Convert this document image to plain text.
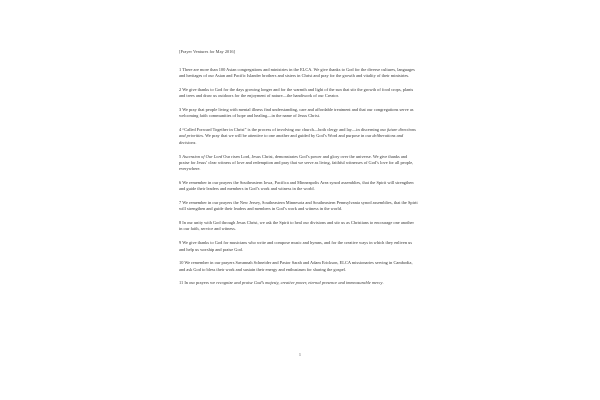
[Prayer Ventures for May 2016]

1 There are more than 100 Asian congregations and ministries in the ELCA. We give thanks to God for the diverse cultures, languages and heritages of our Asian and Pacific Islander brothers and sisters in Christ and pray for the growth and vitality of their ministries.

2 We give thanks to God for the days growing longer and for the warmth and light of the sun that stir the growth of food crops, plants and trees and draw us outdoors for the enjoyment of nature—the handiwork of our Creator.

3 We pray that people living with mental illness find understanding, care and affordable treatment and that our congregations serve as welcoming faith communities of hope and healing—in the name of Jesus Christ.

4 “Called Forward Together in Christ” is the process of involving our church—both clergy and lay—in discerning our future directions and priorities. We pray that we will be attentive to one another and guided by God’s Word and purpose in our deliberations and decisions.

5 Ascension of Our Lord Our risen Lord, Jesus Christ, demonstrates God’s power and glory over the universe. We give thanks and praise for Jesus’ clear witness of love and redemption and pray that we serve as living, faithful witnesses of God’s love for all people, everywhere.

6 We remember in our prayers the Southeastern Iowa, Pacifica and Minneapolis Area synod assemblies, that the Spirit will strengthen and guide their leaders and members in God’s work and witness in the world.

7 We remember in our prayers the New Jersey, Southeastern Minnesota and Southeastern Pennsylvania synod assemblies, that the Spirit will strengthen and guide their leaders and members in God’s work and witness in the world.

8 In our unity with God through Jesus Christ, we ask the Spirit to heal our divisions and stir us as Christians to encourage one another in our faith, service and witness.

9 We give thanks to God for musicians who write and compose music and hymns, and for the creative ways in which they enliven us and help us worship and praise God.

10 We remember in our prayers Savannah Schneider and Pastor Sarah and Adam Erickson, ELCA missionaries serving in Cambodia, and ask God to bless their work and sustain their energy and enthusiasm for sharing the gospel.

11 In our prayers we recognize and praise God’s majesty, creative power, eternal presence and immeasurable mercy.

1
